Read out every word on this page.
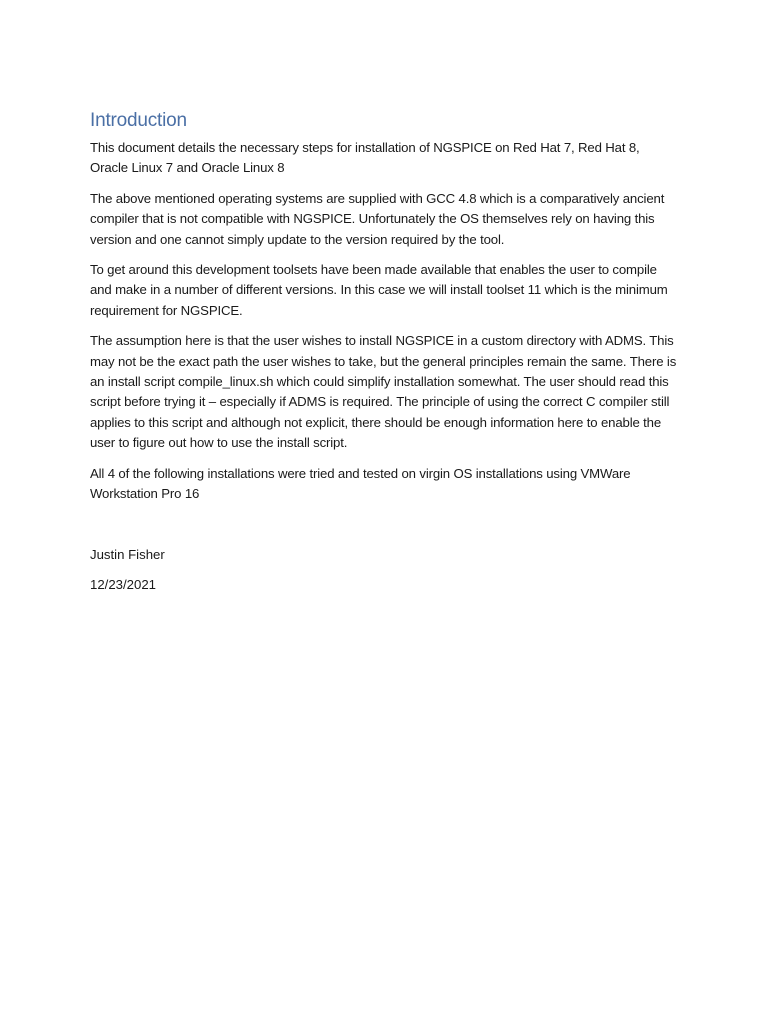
Introduction

This document details the necessary steps for installation of NGSPICE on Red Hat 7, Red Hat 8, Oracle Linux 7 and Oracle Linux 8

The above mentioned operating systems are supplied with GCC 4.8 which is a comparatively ancient compiler that is not compatible with NGSPICE. Unfortunately the OS themselves rely on having this version and one cannot simply update to the version required by the tool.

To get around this development toolsets have been made available that enables the user to compile and make in a number of different versions. In this case we will install toolset 11 which is the minimum requirement for NGSPICE.

The assumption here is that the user wishes to install NGSPICE in a custom directory with ADMS. This may not be the exact path the user wishes to take, but the general principles remain the same. There is an install script compile_linux.sh which could simplify installation somewhat. The user should read this script before trying it – especially if ADMS is required. The principle of using the correct C compiler still applies to this script and although not explicit, there should be enough information here to enable the user to figure out how to use the install script.

All 4 of the following installations were tried and tested on virgin OS installations using VMWare Workstation Pro 16

Justin Fisher

12/23/2021
